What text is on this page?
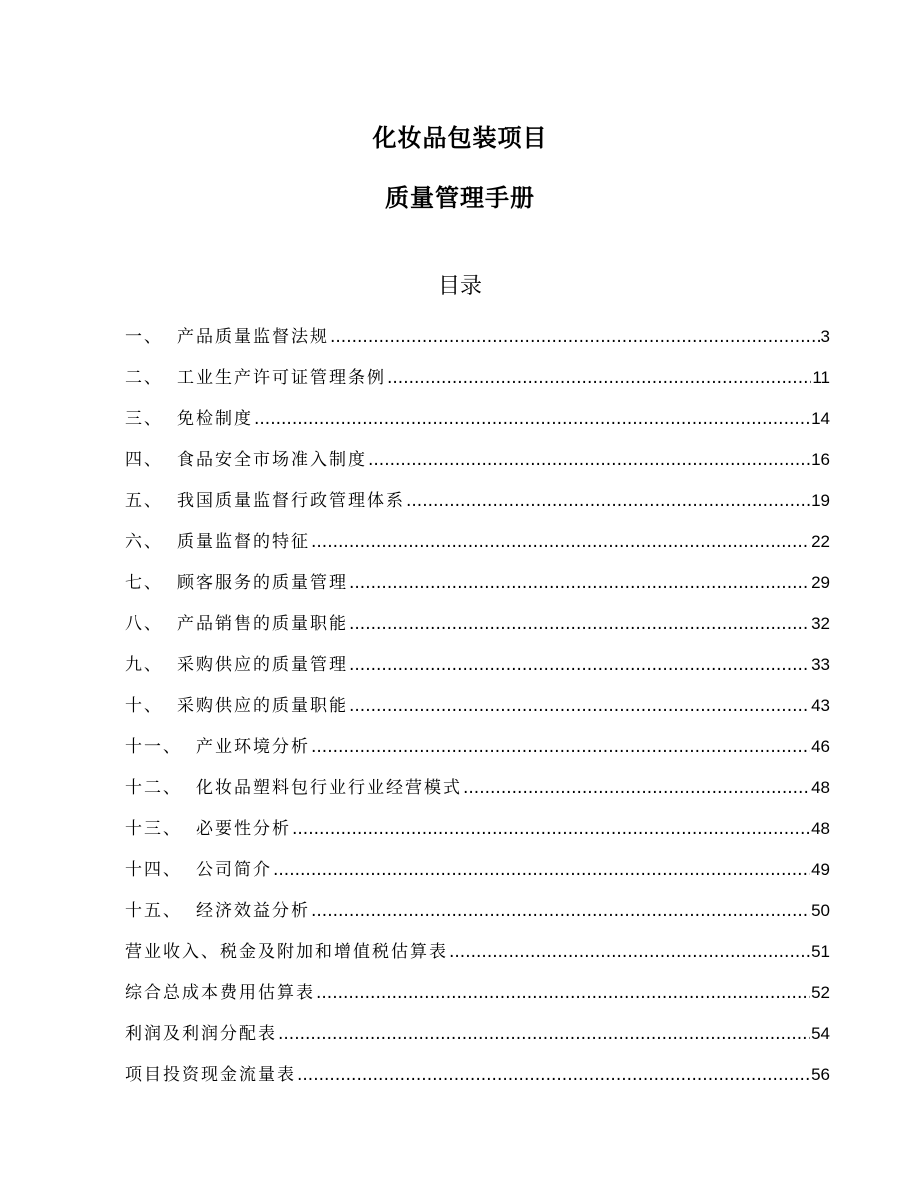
化妆品包装项目
质量管理手册
目录
一、 产品质量监督法规 .....	3
二、 工业生产许可证管理条例 .....	11
三、 免检制度 .....	14
四、 食品安全市场准入制度 .....	16
五、 我国质量监督行政管理体系 .....	19
六、 质量监督的特征 .....	22
七、 顾客服务的质量管理 .....	29
八、 产品销售的质量职能 .....	32
九、 采购供应的质量管理 .....	33
十、 采购供应的质量职能 .....	43
十一、 产业环境分析 .....	46
十二、 化妆品塑料包行业行业经营模式 .....	48
十三、 必要性分析 .....	48
十四、 公司简介 .....	49
十五、 经济效益分析 .....	50
营业收入、税金及附加和增值税估算表 .....	51
综合总成本费用估算表 .....	52
利润及利润分配表 .....	54
项目投资现金流量表 .....	56
